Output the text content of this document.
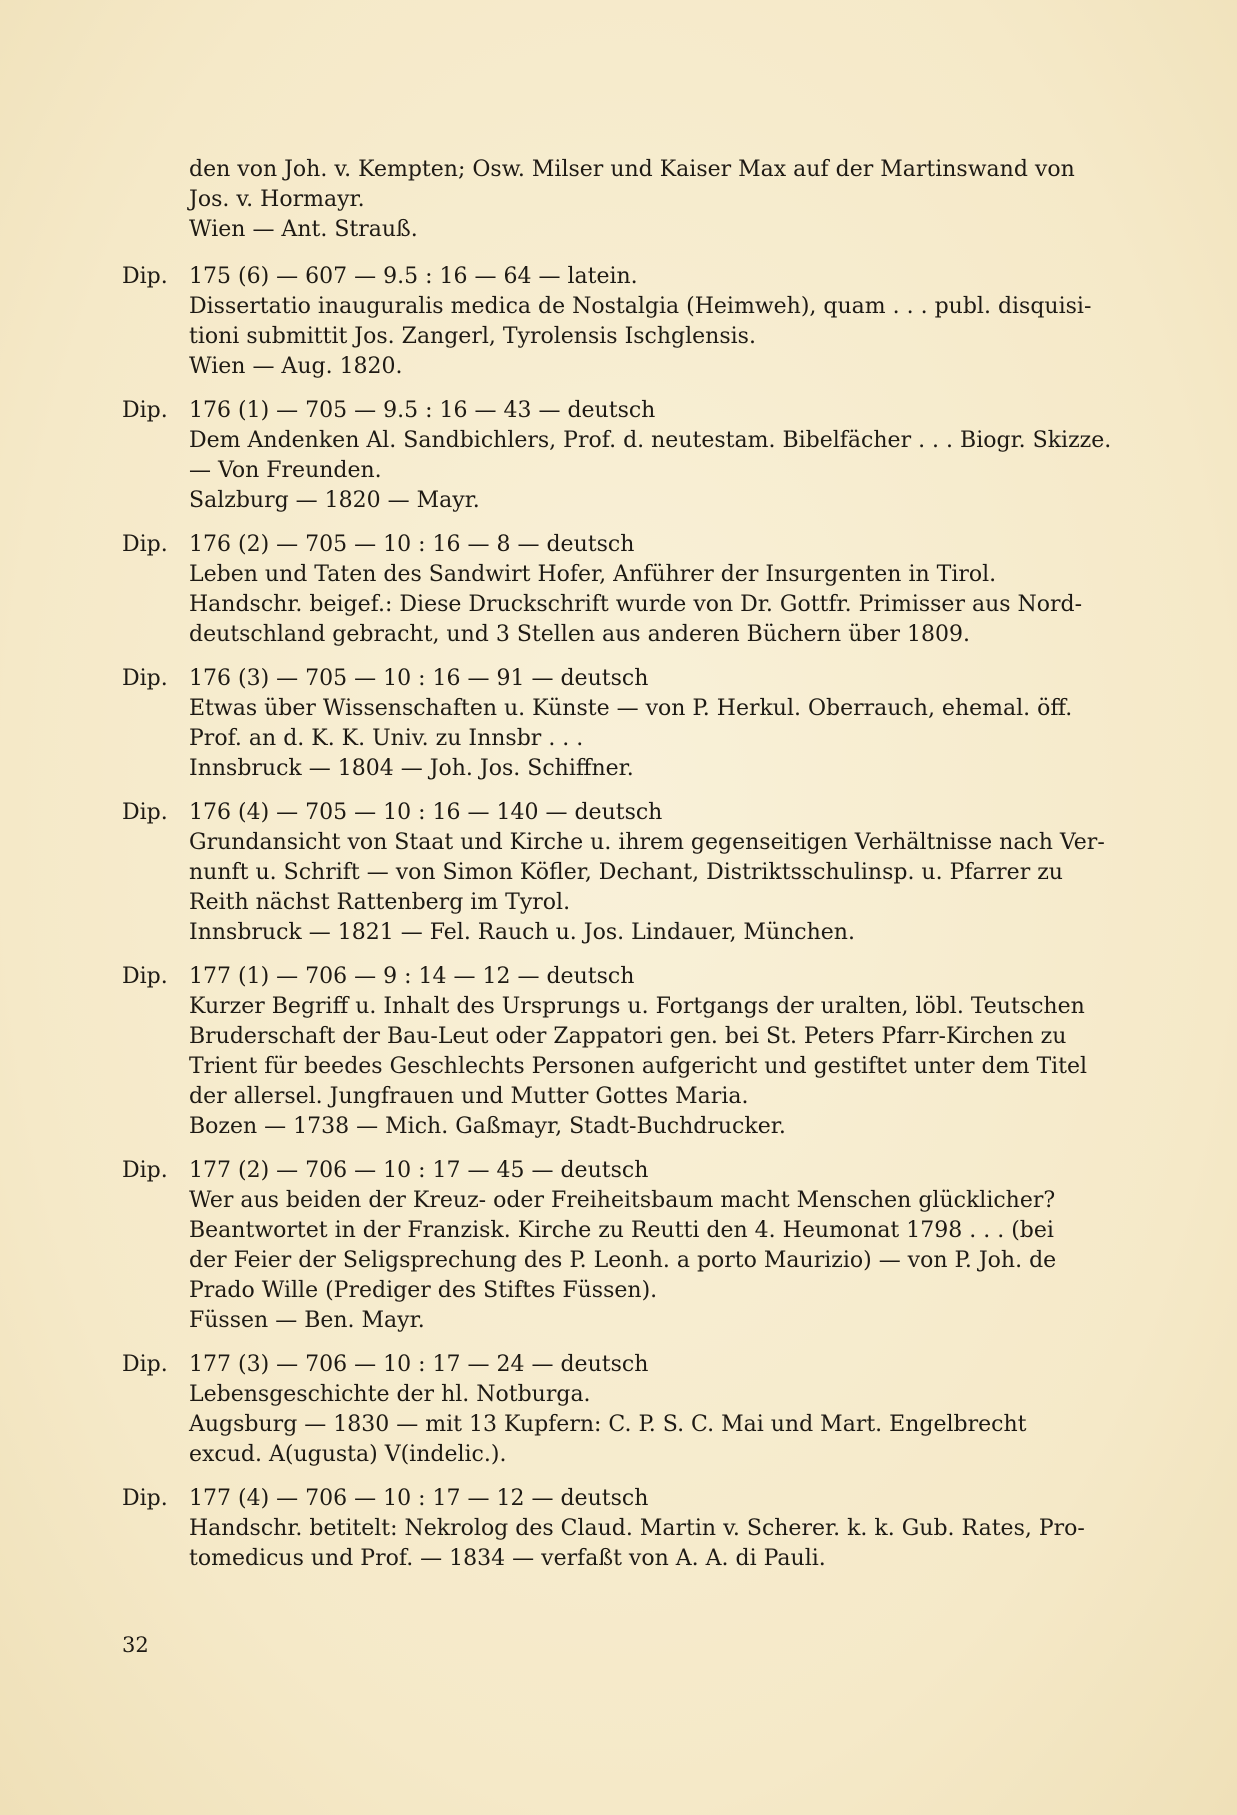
den von Joh. v. Kempten; Osw. Milser und Kaiser Max auf der Martinswand von
Jos. v. Hormayr.
Wien — Ant. Strauß.
Dip. 175 (6) — 607 — 9.5 : 16 — 64 — latein.
Dissertatio inauguralis medica de Nostalgia (Heimweh), quam . . . publ. disquisi-
tioni submittit Jos. Zangerl, Tyrolensis Ischglensis.
Wien — Aug. 1820.
Dip. 176 (1) — 705 — 9.5 : 16 — 43 — deutsch
Dem Andenken Al. Sandbichlers, Prof. d. neutestam. Bibelfächer . . . Biogr. Skizze.
— Von Freunden.
Salzburg — 1820 — Mayr.
Dip. 176 (2) — 705 — 10 : 16 — 8 — deutsch
Leben und Taten des Sandwirt Hofer, Anführer der Insurgenten in Tirol.
Handschr. beigef.: Diese Druckschrift wurde von Dr. Gottfr. Primisser aus Nord-
deutschland gebracht, und 3 Stellen aus anderen Büchern über 1809.
Dip. 176 (3) — 705 — 10 : 16 — 91 — deutsch
Etwas über Wissenschaften u. Künste — von P. Herkul. Oberrauch, ehemal. öff.
Prof. an d. K. K. Univ. zu Innsbr . . .
Innsbruck — 1804 — Joh. Jos. Schiffner.
Dip. 176 (4) — 705 — 10 : 16 — 140 — deutsch
Grundansicht von Staat und Kirche u. ihrem gegenseitigen Verhältnisse nach Ver-
nunft u. Schrift — von Simon Köfler, Dechant, Distriktsschulinsp. u. Pfarrer zu
Reith nächst Rattenberg im Tyrol.
Innsbruck — 1821 — Fel. Rauch u. Jos. Lindauer, München.
Dip. 177 (1) — 706 — 9 : 14 — 12 — deutsch
Kurzer Begriff u. Inhalt des Ursprungs u. Fortgangs der uralten, löbl. Teutschen
Bruderschaft der Bau-Leut oder Zappatori gen. bei St. Peters Pfarr-Kirchen zu
Trient für beedes Geschlechts Personen aufgericht und gestiftet unter dem Titel
der allersel. Jungfrauen und Mutter Gottes Maria.
Bozen — 1738 — Mich. Gaßmayr, Stadt-Buchdrucker.
Dip. 177 (2) — 706 — 10 : 17 — 45 — deutsch
Wer aus beiden der Kreuz- oder Freiheitsbaum macht Menschen glücklicher?
Beantwortet in der Franzisk. Kirche zu Reutti den 4. Heumonat 1798 . . . (bei
der Feier der Seligsprechung des P. Leonh. a porto Maurizio) — von P. Joh. de
Prado Wille (Prediger des Stiftes Füssen).
Füssen — Ben. Mayr.
Dip. 177 (3) — 706 — 10 : 17 — 24 — deutsch
Lebensgeschichte der hl. Notburga.
Augsburg — 1830 — mit 13 Kupfern: C. P. S. C. Mai und Mart. Engelbrecht
excud. A(ugusta) V(indelic.).
Dip. 177 (4) — 706 — 10 : 17 — 12 — deutsch
Handschr. betitelt: Nekrolog des Claud. Martin v. Scherer. k. k. Gub. Rates, Pro-
tomedicus und Prof. — 1834 — verfaßt von A. A. di Pauli.
32
